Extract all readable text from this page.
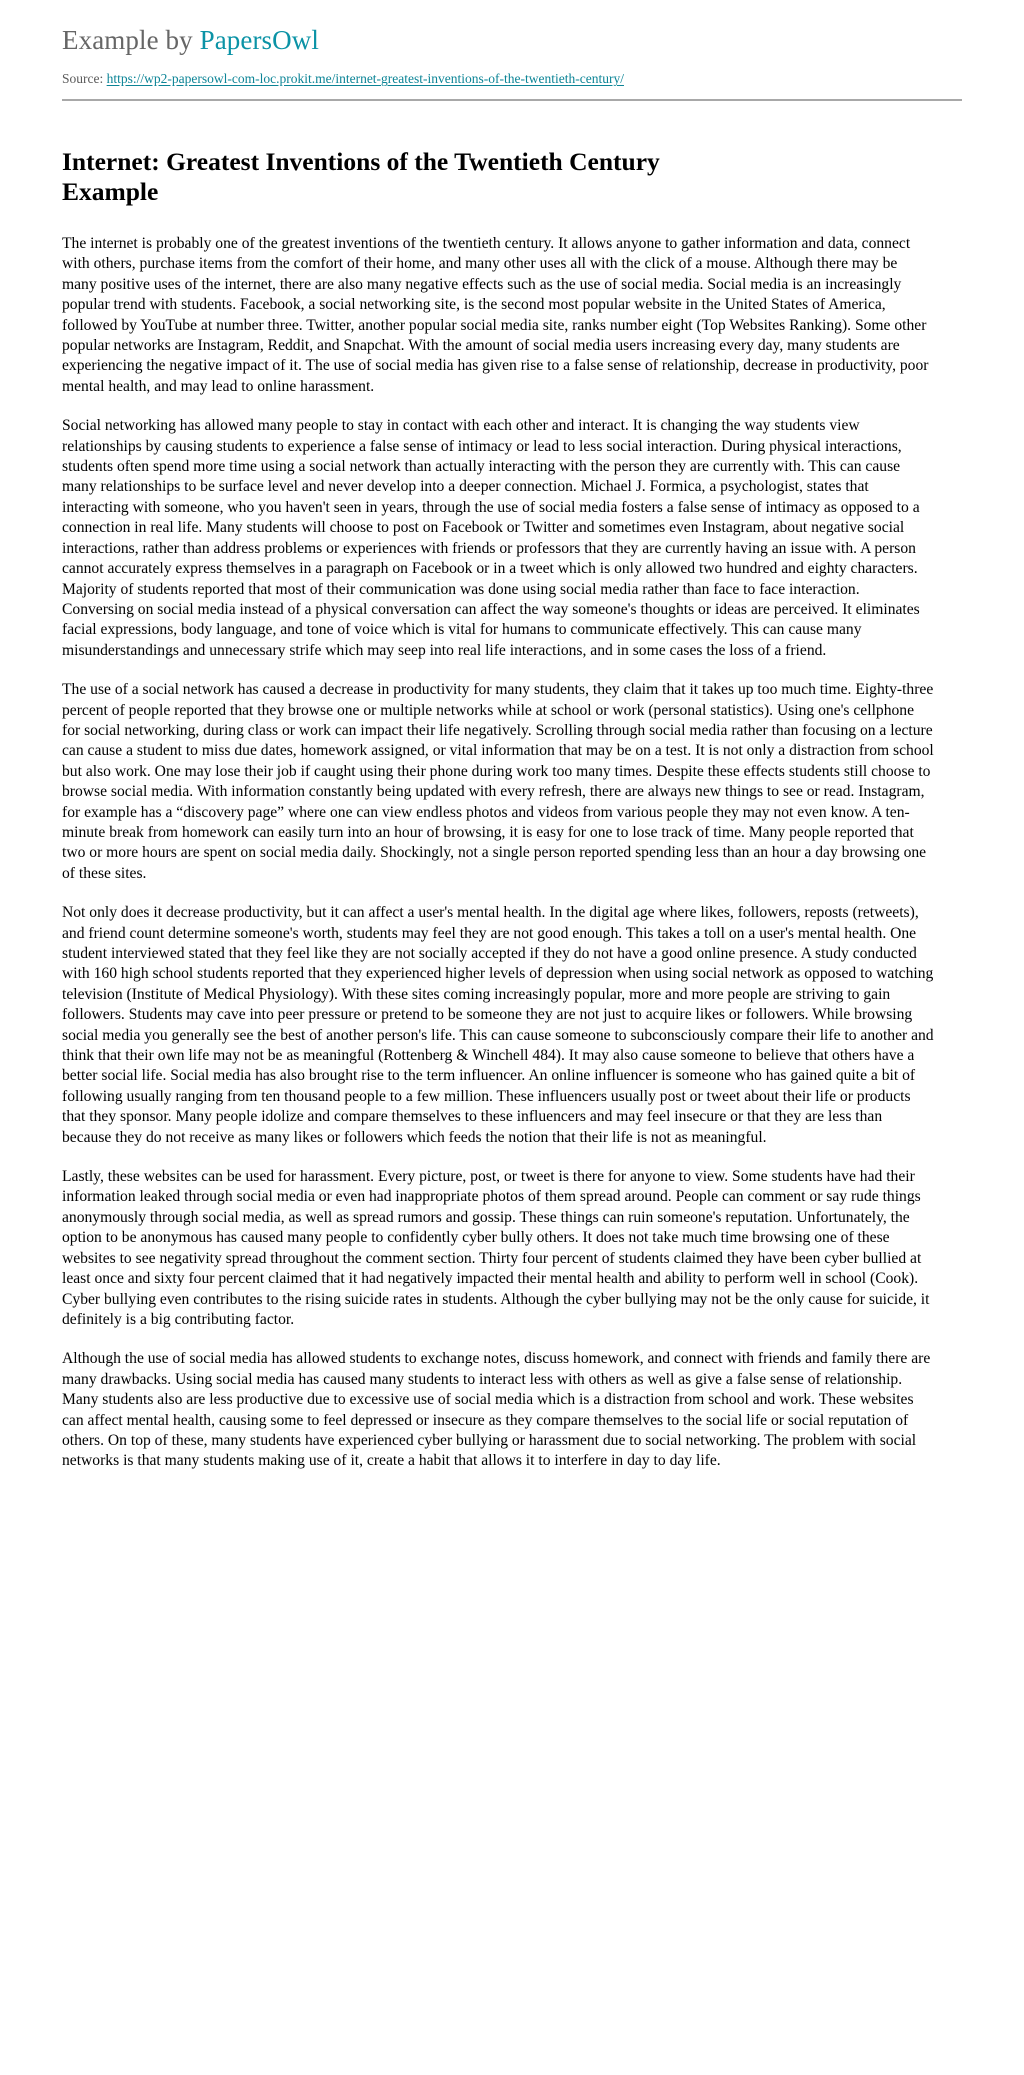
Example by PapersOwl
Source: https://wp2-papersowl-com-loc.prokit.me/internet-greatest-inventions-of-the-twentieth-century/
Internet: Greatest Inventions of the Twentieth Century Example

The internet is probably one of the greatest inventions of the twentieth century. It allows anyone to gather information and data, connect with others, purchase items from the comfort of their home, and many other uses all with the click of a mouse. Although there may be many positive uses of the internet, there are also many negative effects such as the use of social media. Social media is an increasingly popular trend with students. Facebook, a social networking site, is the second most popular website in the United States of America, followed by YouTube at number three. Twitter, another popular social media site, ranks number eight (Top Websites Ranking). Some other popular networks are Instagram, Reddit, and Snapchat. With the amount of social media users increasing every day, many students are experiencing the negative impact of it. The use of social media has given rise to a false sense of relationship, decrease in productivity, poor mental health, and may lead to online harassment.

Social networking has allowed many people to stay in contact with each other and interact. It is changing the way students view relationships by causing students to experience a false sense of intimacy or lead to less social interaction. During physical interactions, students often spend more time using a social network than actually interacting with the person they are currently with. This can cause many relationships to be surface level and never develop into a deeper connection. Michael J. Formica, a psychologist, states that interacting with someone, who you haven't seen in years, through the use of social media fosters a false sense of intimacy as opposed to a connection in real life. Many students will choose to post on Facebook or Twitter and sometimes even Instagram, about negative social interactions, rather than address problems or experiences with friends or professors that they are currently having an issue with. A person cannot accurately express themselves in a paragraph on Facebook or in a tweet which is only allowed two hundred and eighty characters. Majority of students reported that most of their communication was done using social media rather than face to face interaction. Conversing on social media instead of a physical conversation can affect the way someone's thoughts or ideas are perceived. It eliminates facial expressions, body language, and tone of voice which is vital for humans to communicate effectively. This can cause many misunderstandings and unnecessary strife which may seep into real life interactions, and in some cases the loss of a friend.

The use of a social network has caused a decrease in productivity for many students, they claim that it takes up too much time. Eighty-three percent of people reported that they browse one or multiple networks while at school or work (personal statistics). Using one's cellphone for social networking, during class or work can impact their life negatively. Scrolling through social media rather than focusing on a lecture can cause a student to miss due dates, homework assigned, or vital information that may be on a test. It is not only a distraction from school but also work. One may lose their job if caught using their phone during work too many times. Despite these effects students still choose to browse social media. With information constantly being updated with every refresh, there are always new things to see or read. Instagram, for example has a “discovery page” where one can view endless photos and videos from various people they may not even know. A ten-minute break from homework can easily turn into an hour of browsing, it is easy for one to lose track of time. Many people reported that two or more hours are spent on social media daily. Shockingly, not a single person reported spending less than an hour a day browsing one of these sites.

Not only does it decrease productivity, but it can affect a user's mental health. In the digital age where likes, followers, reposts (retweets), and friend count determine someone's worth, students may feel they are not good enough. This takes a toll on a user's mental health. One student interviewed stated that they feel like they are not socially accepted if they do not have a good online presence. A study conducted with 160 high school students reported that they experienced higher levels of depression when using social network as opposed to watching television (Institute of Medical Physiology). With these sites coming increasingly popular, more and more people are striving to gain followers. Students may cave into peer pressure or pretend to be someone they are not just to acquire likes or followers. While browsing social media you generally see the best of another person's life. This can cause someone to subconsciously compare their life to another and think that their own life may not be as meaningful (Rottenberg & Winchell 484). It may also cause someone to believe that others have a better social life. Social media has also brought rise to the term influencer. An online influencer is someone who has gained quite a bit of following usually ranging from ten thousand people to a few million. These influencers usually post or tweet about their life or products that they sponsor. Many people idolize and compare themselves to these influencers and may feel insecure or that they are less than because they do not receive as many likes or followers which feeds the notion that their life is not as meaningful.

Lastly, these websites can be used for harassment. Every picture, post, or tweet is there for anyone to view. Some students have had their information leaked through social media or even had inappropriate photos of them spread around. People can comment or say rude things anonymously through social media, as well as spread rumors and gossip. These things can ruin someone's reputation. Unfortunately, the option to be anonymous has caused many people to confidently cyber bully others. It does not take much time browsing one of these websites to see negativity spread throughout the comment section. Thirty four percent of students claimed they have been cyber bullied at least once and sixty four percent claimed that it had negatively impacted their mental health and ability to perform well in school (Cook). Cyber bullying even contributes to the rising suicide rates in students. Although the cyber bullying may not be the only cause for suicide, it definitely is a big contributing factor.

Although the use of social media has allowed students to exchange notes, discuss homework, and connect with friends and family there are many drawbacks. Using social media has caused many students to interact less with others as well as give a false sense of relationship. Many students also are less productive due to excessive use of social media which is a distraction from school and work. These websites can affect mental health, causing some to feel depressed or insecure as they compare themselves to the social life or social reputation of others. On top of these, many students have experienced cyber bullying or harassment due to social networking. The problem with social networks is that many students making use of it, create a habit that allows it to interfere in day to day life.
